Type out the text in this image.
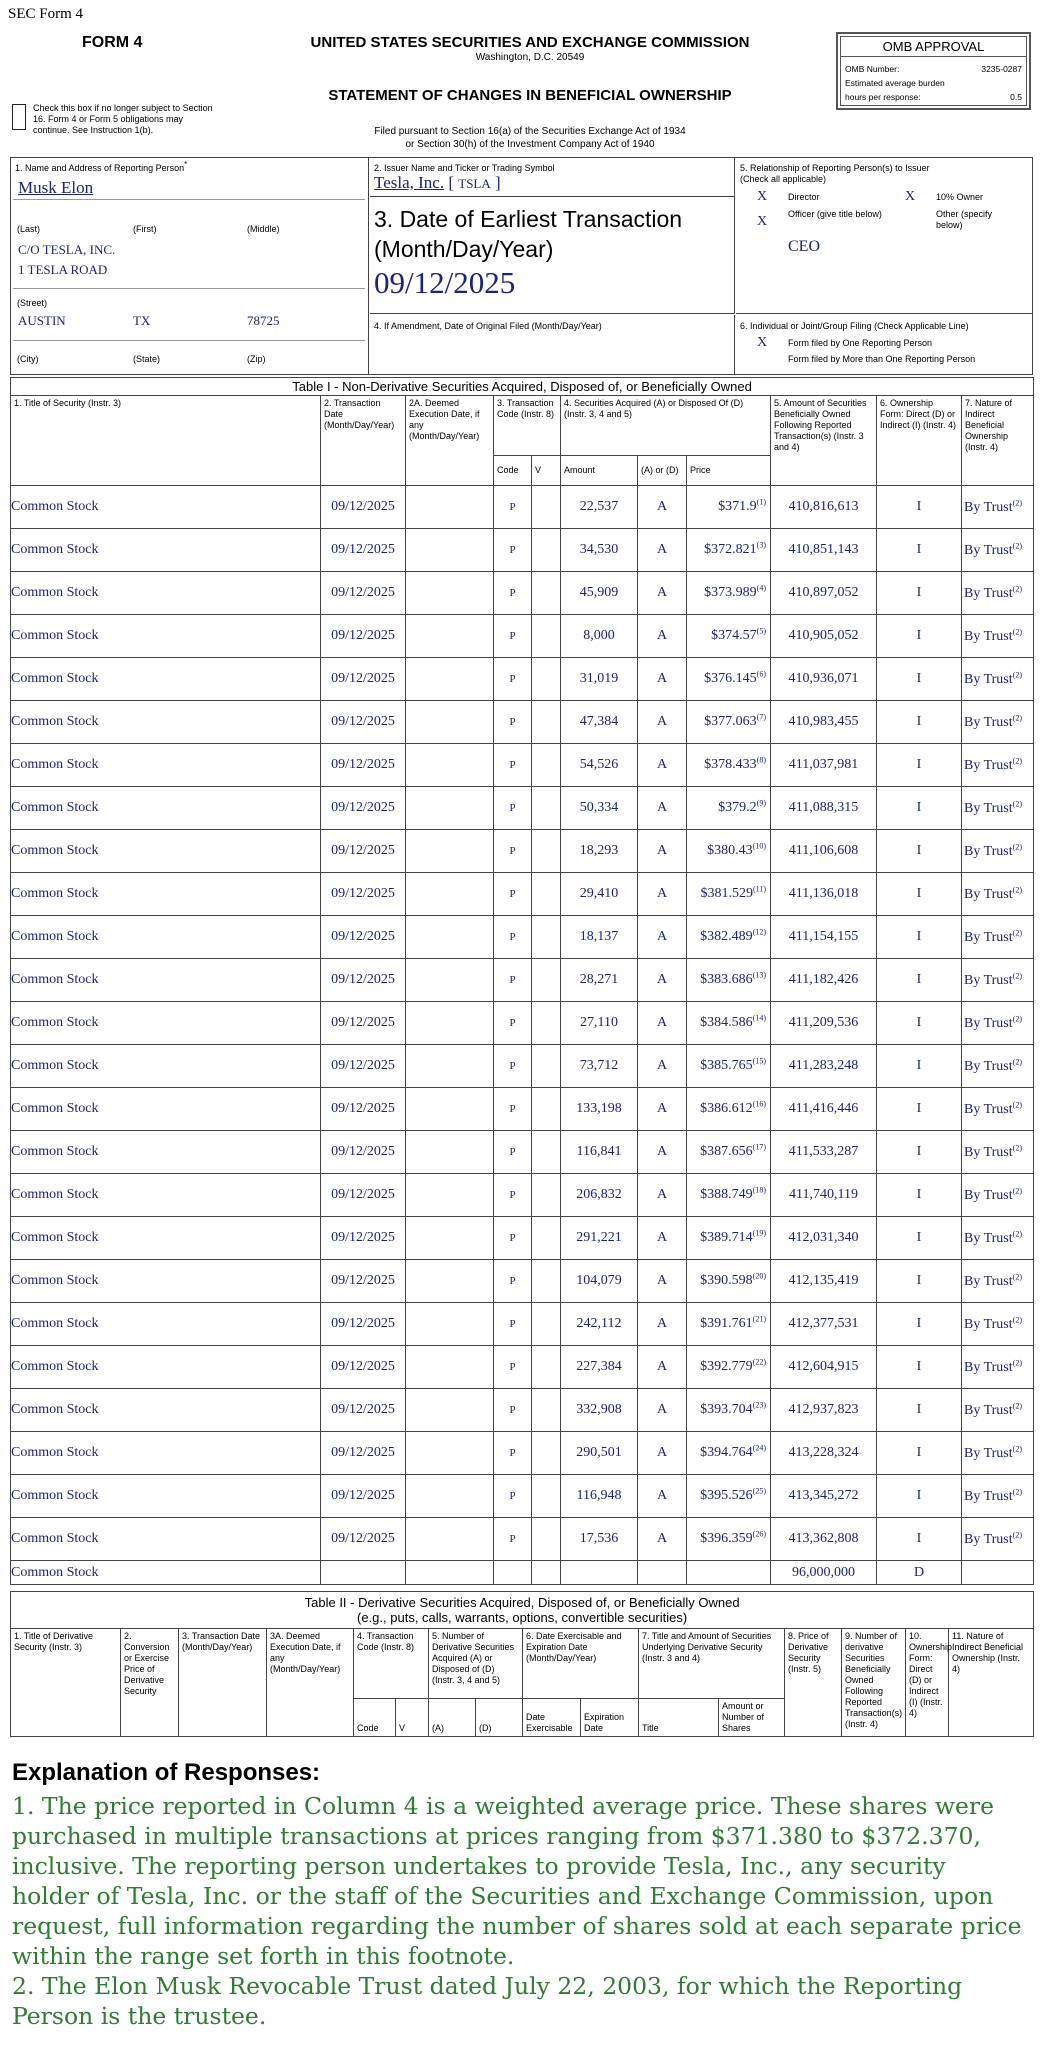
SEC Form 4
FORM 4	UNITED STATES SECURITIES AND EXCHANGE COMMISSION
Washington, D.C. 20549
STATEMENT OF CHANGES IN BENEFICIAL OWNERSHIP
Filed pursuant to Section 16(a) of the Securities Exchange Act of 1934
or Section 30(h) of the Investment Company Act of 1940
Check this box if no longer subject to Section 16. Form 4 or Form 5 obligations may continue. See Instruction 1(b).
OMB APPROVAL
OMB Number:	3235-0287
Estimated average burden
hours per response:	0.5
1. Name and Address of Reporting Person*
Musk Elon
(Last)	(First)	(Middle)
C/O TESLA, INC.
1 TESLA ROAD
(Street)
AUSTIN	TX	78725
(City)	(State)	(Zip)
2. Issuer Name and Ticker or Trading Symbol
Tesla, Inc. [ TSLA ]
3. Date of Earliest Transaction
(Month/Day/Year)
09/12/2025
4. If Amendment, Date of Original Filed (Month/Day/Year)
5. Relationship of Reporting Person(s) to Issuer
(Check all applicable)
X Director	X 10% Owner
X Officer (give title below)	Other (specify below)
CEO
6. Individual or Joint/Group Filing (Check Applicable Line)
X Form filed by One Reporting Person
Form filed by More than One Reporting Person
Table I - Non-Derivative Securities Acquired, Disposed of, or Beneficially Owned										
1. Title of Security (Instr. 3)	2. Transaction Date (Month/Day/Year)	2A. Deemed Execution Date, if any (Month/Day/Year)	3. Transaction Code (Instr. 8)		4. Securities Acquired (A) or Disposed Of (D) (Instr. 3, 4 and 5)			5. Amount of Securities Beneficially Owned Following Reported Transaction(s) (Instr. 3 and 4)	6. Ownership Form: Direct (D) or Indirect (I) (Instr. 4)	7. Nature of Indirect Beneficial Ownership (Instr. 4)
			Code	V	Amount	(A) or (D)	Price			
Common Stock	09/12/2025		P		22,537	A	$371.9$^{(1)}$	410,816,613	I	By Trust$^{(2)}$
Common Stock	09/12/2025		P		34,530	A	$372.821$^{(3)}$	410,851,143	I	By Trust$^{(2)}$
Common Stock	09/12/2025		P		45,909	A	$373.989$^{(4)}$	410,897,052	I	By Trust$^{(2)}$
Common Stock	09/12/2025		P		8,000	A	$374.57$^{(5)}$	410,905,052	I	By Trust$^{(2)}$
Common Stock	09/12/2025		P		31,019	A	$376.145$^{(6)}$	410,936,071	I	By Trust$^{(2)}$
Common Stock	09/12/2025		P		47,384	A	$377.063$^{(7)}$	410,983,455	I	By Trust$^{(2)}$
Common Stock	09/12/2025		P		54,526	A	$378.433$^{(8)}$	411,037,981	I	By Trust$^{(2)}$
Common Stock	09/12/2025		P		50,334	A	$379.2$^{(9)}$	411,088,315	I	By Trust$^{(2)}$
Common Stock	09/12/2025		P		18,293	A	$380.43$^{(10)}$	411,106,608	I	By Trust$^{(2)}$
Common Stock	09/12/2025		P		29,410	A	$381.529$^{(11)}$	411,136,018	I	By Trust$^{(2)}$
Common Stock	09/12/2025		P		18,137	A	$382.489$^{(12)}$	411,154,155	I	By Trust$^{(2)}$
Common Stock	09/12/2025		P		28,271	A	$383.686$^{(13)}$	411,182,426	I	By Trust$^{(2)}$
Common Stock	09/12/2025		P		27,110	A	$384.586$^{(14)}$	411,209,536	I	By Trust$^{(2)}$
Common Stock	09/12/2025		P		73,712	A	$385.765$^{(15)}$	411,283,248	I	By Trust$^{(2)}$
Common Stock	09/12/2025		P		133,198	A	$386.612$^{(16)}$	411,416,446	I	By Trust$^{(2)}$
Common Stock	09/12/2025		P		116,841	A	$387.656$^{(17)}$	411,533,287	I	By Trust$^{(2)}$
Common Stock	09/12/2025		P		206,832	A	$388.749$^{(18)}$	411,740,119	I	By Trust$^{(2)}$
Common Stock	09/12/2025		P		291,221	A	$389.714$^{(19)}$	412,031,340	I	By Trust$^{(2)}$
Common Stock	09/12/2025		P		104,079	A	$390.598$^{(20)}$	412,135,419	I	By Trust$^{(2)}$
Common Stock	09/12/2025		P		242,112	A	$391.761$^{(21)}$	412,377,531	I	By Trust$^{(2)}$
Common Stock	09/12/2025		P		227,384	A	$392.779$^{(22)}$	412,604,915	I	By Trust$^{(2)}$
Common Stock	09/12/2025		P		332,908	A	$393.704$^{(23)}$	412,937,823	I	By Trust$^{(2)}$
Common Stock	09/12/2025		P		290,501	A	$394.764$^{(24)}$	413,228,324	I	By Trust$^{(2)}$
Common Stock	09/12/2025		P		116,948	A	$395.526$^{(25)}$	413,345,272	I	By Trust$^{(2)}$
Common Stock	09/12/2025		P		17,536	A	$396.359$^{(26)}$	413,362,808	I	By Trust$^{(2)}$
Common Stock								96,000,000	D	
Table II - Derivative Securities Acquired, Disposed of, or Beneficially Owned
(e.g., puts, calls, warrants, options, convertible securities)															

1. Title of Derivative Security (Instr. 3)	2. Conversion or Exercise Price of Derivative Security	3. Transaction Date (Month/Day/Year)	3A. Deemed Execution Date, if any (Month/Day/Year)	4. Transaction Code (Instr. 8)		5. Number of Derivative Securities Acquired (A) or Disposed of (D) (Instr. 3, 4 and 5)		6. Date Exercisable and Expiration Date (Month/Day/Year)		7. Title and Amount of Securities Underlying Derivative Security (Instr. 3 and 4)		8. Price of Derivative Security (Instr. 5)	9. Number of derivative Securities Beneficially Owned Following Reported Transaction(s) (Instr. 4)	10. Ownership Form: Direct (D) or Indirect (I) (Instr. 4)	11. Nature of Indirect Beneficial Ownership (Instr. 4)
				Code	V	(A)	(D)	Date Exercisable	Expiration Date	Title	Amount or Number of Shares				
Explanation of Responses:
1. The price reported in Column 4 is a weighted average price. These shares were purchased in multiple transactions at prices ranging from $371.380 to $372.370, inclusive. The reporting person undertakes to provide Tesla, Inc., any security holder of Tesla, Inc. or the staff of the Securities and Exchange Commission, upon request, full information regarding the number of shares sold at each separate price within the range set forth in this footnote.
2. The Elon Musk Revocable Trust dated July 22, 2003, for which the Reporting Person is the trustee.
